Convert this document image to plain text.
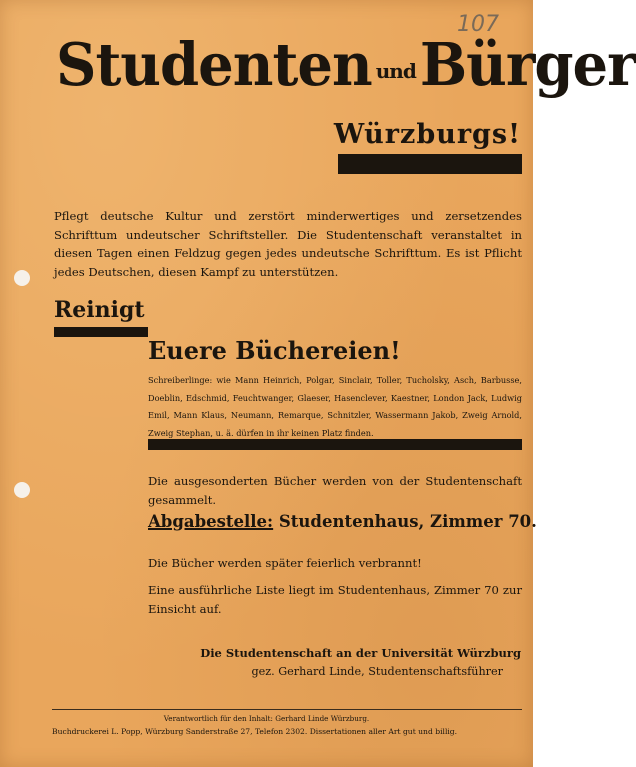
107
Studenten undBürger
Würzburgs!
Pflegt deutsche Kultur und zerstört minderwertiges und zersetzendes Schrifttum undeutscher Schriftsteller. Die Studentenschaft veranstaltet in diesen Tagen einen Feldzug gegen jedes undeutsche Schrifttum. Es ist Pflicht jedes Deutschen, diesen Kampf zu unterstützen.
Reinigt
Euere Büchereien!
Schreiberlinge: wie Mann Heinrich, Polgar, Sinclair, Toller, Tucholsky, Asch, Barbusse, Doeblin, Edschmid, Feuchtwanger, Glaeser, Hasenclever, Kaestner, London Jack, Ludwig Emil, Mann Klaus, Neumann, Remarque, Schnitzler, Wassermann Jakob, Zweig Arnold, Zweig Stephan, u. ä. dürfen in ihr keinen Platz finden.
Die ausgesonderten Bücher werden von der Studentenschaft gesammelt.
Abgabestelle: Studentenhaus, Zimmer 70.
Die Bücher werden später feierlich verbrannt!
Eine ausführliche Liste liegt im Studentenhaus, Zimmer 70 zur Einsicht auf.
Die Studentenschaft an der Universität Würzburg
gez. Gerhard Linde, Studentenschaftsführer
Verantwortlich für den Inhalt: Gerhard Linde Würzburg.
Buchdruckerei L. Popp, Würzburg Sanderstraße 27, Telefon 2302. Dissertationen aller Art gut und billig.
